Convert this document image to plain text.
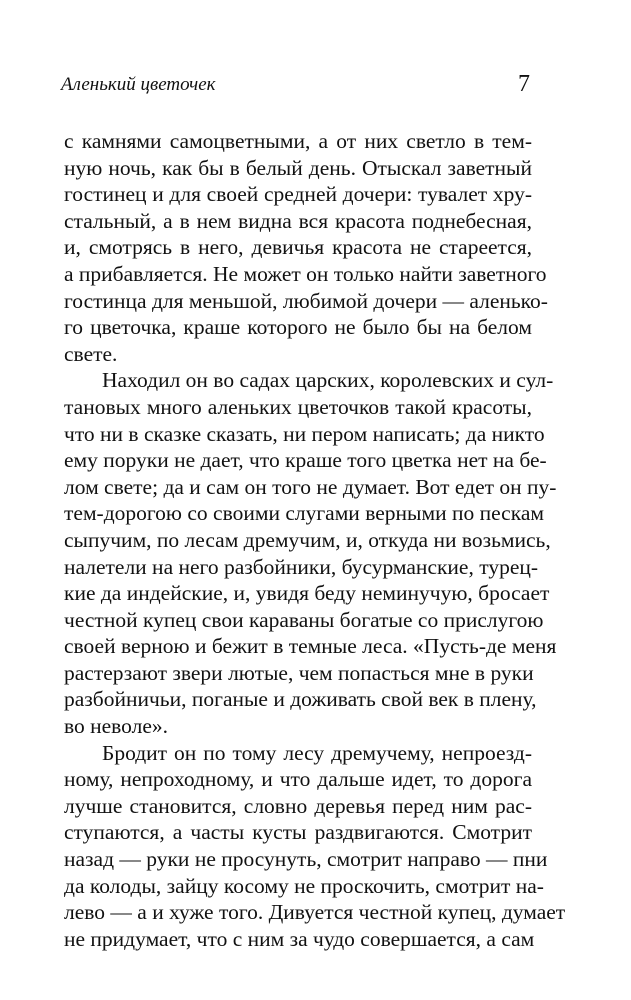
Аленький цветочек	7
с камнями самоцветными, а от них светло в тем-
ную ночь, как бы в белый день. Отыскал заветный
гостинец и для своей средней дочери: тувалет хру-
стальный, а в нем видна вся красота поднебесная,
и, смотрясь в него, девичья красота не стареется,
а прибавляется. Не может он только найти заветного
гостинца для меньшой, любимой дочери — аленько-
го цветочка, краше которого не было бы на белом
свете.
Находил он во садах царских, королевских и сул-
тановых много аленьких цветочков такой красоты,
что ни в сказке сказать, ни пером написать; да никто
ему поруки не дает, что краше того цветка нет на бе-
лом свете; да и сам он того не думает. Вот едет он пу-
тем-дорогою со своими слугами верными по пескам
сыпучим, по лесам дремучим, и, откуда ни возьмись,
налетели на него разбойники, бусурманские, турец-
кие да индейские, и, увидя беду неминучую, бросает
честной купец свои караваны богатые со прислугою
своей верною и бежит в темные леса. «Пусть-де меня
растерзают звери лютые, чем попасться мне в руки
разбойничьи, поганые и доживать свой век в плену,
во неволе».
Бродит он по тому лесу дремучему, непроезд-
ному, непроходному, и что дальше идет, то дорога
лучше становится, словно деревья перед ним рас-
ступаются, а часты кусты раздвигаются. Смотрит
назад — руки не просунуть, смотрит направо — пни
да колоды, зайцу косому не проскочить, смотрит на-
лево — а и хуже того. Дивуется честной купец, думает
не придумает, что с ним за чудо совершается, а сам
